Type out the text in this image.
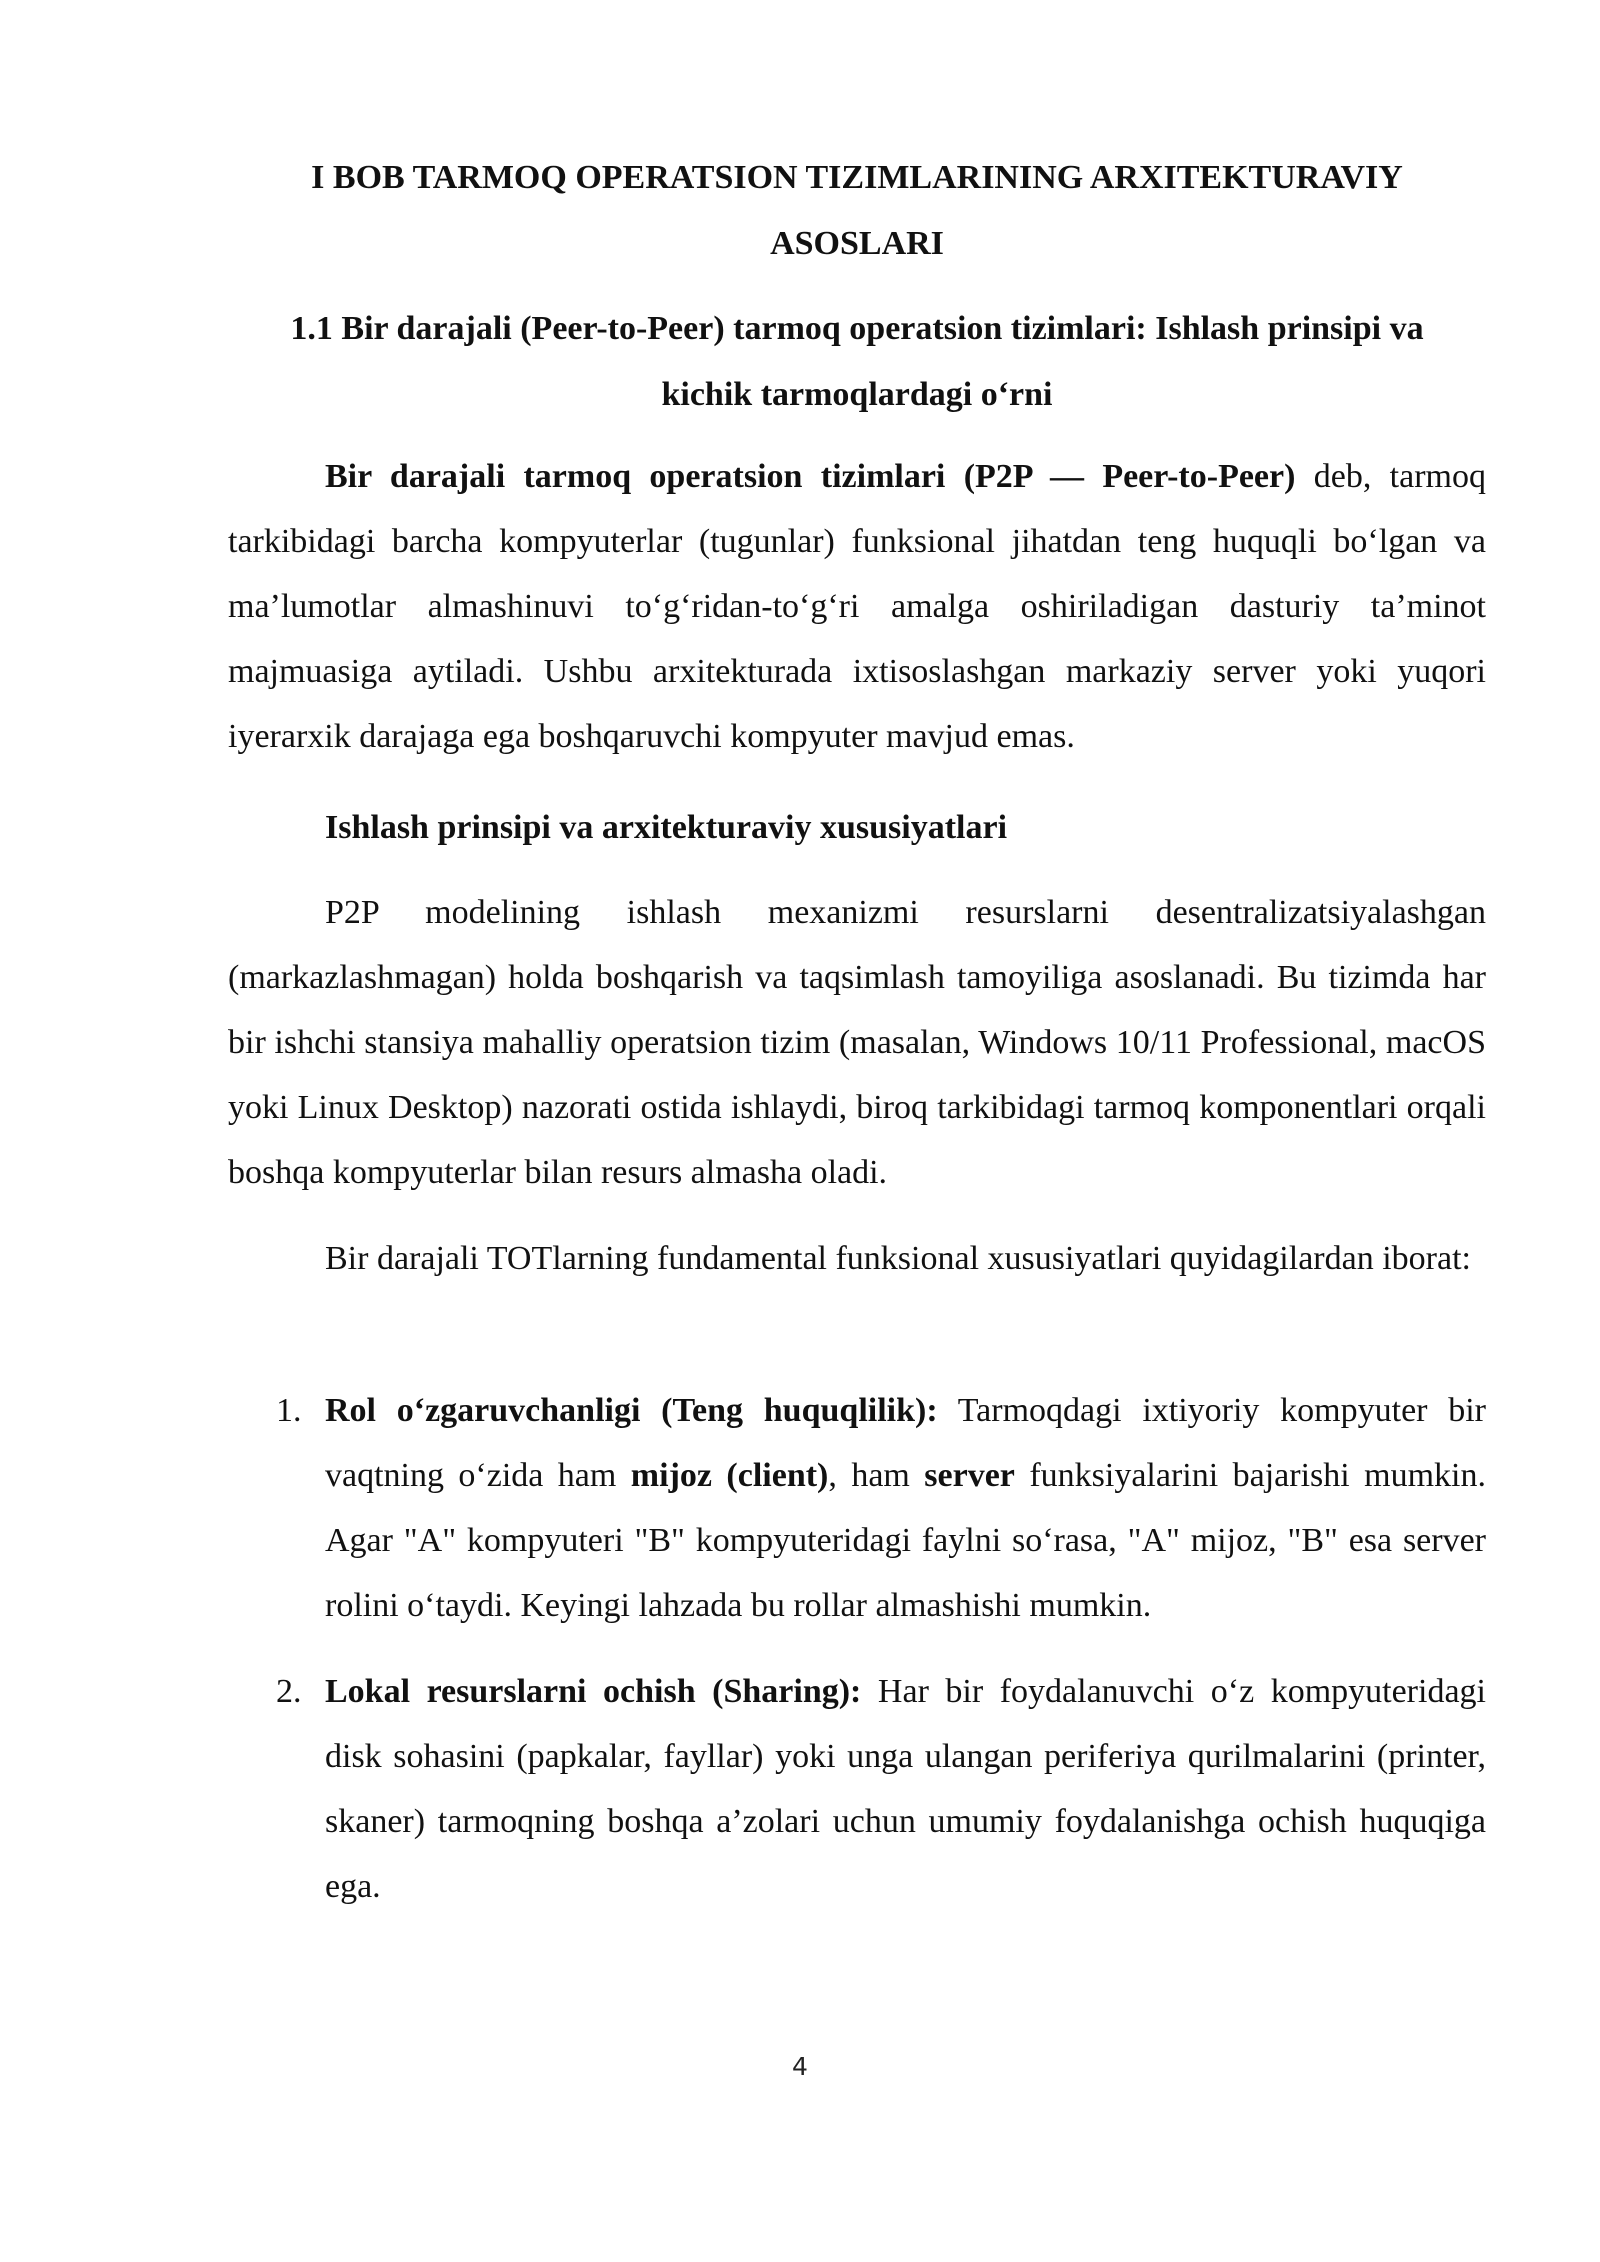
I BOB TARMOQ OPERATSION TIZIMLARINING ARXITEKTURAVIY
ASOSLARI
1.1 Bir darajali (Peer-to-Peer) tarmoq operatsion tizimlari: Ishlash prinsipi va
kichik tarmoqlardagi o‘rni

Bir darajali tarmoq operatsion tizimlari (P2P — Peer-to-Peer) deb, tarmoq tarkibidagi barcha kompyuterlar (tugunlar) funksional jihatdan teng huquqli bo‘lgan va ma’lumotlar almashinuvi to‘g‘ridan-to‘g‘ri amalga oshiriladigan dasturiy ta’minot majmuasiga aytiladi. Ushbu arxitekturada ixtisoslashgan markaziy server yoki yuqori iyerarxik darajaga ega boshqaruvchi kompyuter mavjud emas.

Ishlash prinsipi va arxitekturaviy xususiyatlari

P2P modelining ishlash mexanizmi resurslarni desentralizatsiyalashgan (markazlashmagan) holda boshqarish va taqsimlash tamoyiliga asoslanadi. Bu tizimda har bir ishchi stansiya mahalliy operatsion tizim (masalan, Windows 10/11 Professional, macOS yoki Linux Desktop) nazorati ostida ishlaydi, biroq tarkibidagi tarmoq komponentlari orqali boshqa kompyuterlar bilan resurs almasha oladi.

Bir darajali TOTlarning fundamental funksional xususiyatlari quyidagilardan iborat:

1. Rol o‘zgaruvchanligi (Teng huquqlilik): Tarmoqdagi ixtiyoriy kompyuter bir vaqtning o‘zida ham mijoz (client), ham server funksiyalarini bajarishi mumkin. Agar "A" kompyuteri "B" kompyuteridagi faylni so‘rasa, "A" mijoz, "B" esa server rolini o‘taydi. Keyingi lahzada bu rollar almashishi mumkin.

2. Lokal resurslarni ochish (Sharing): Har bir foydalanuvchi o‘z kompyuteridagi disk sohasini (papkalar, fayllar) yoki unga ulangan periferiya qurilmalarini (printer, skaner) tarmoqning boshqa a’zolari uchun umumiy foydalanishga ochish huquqiga ega.

4
